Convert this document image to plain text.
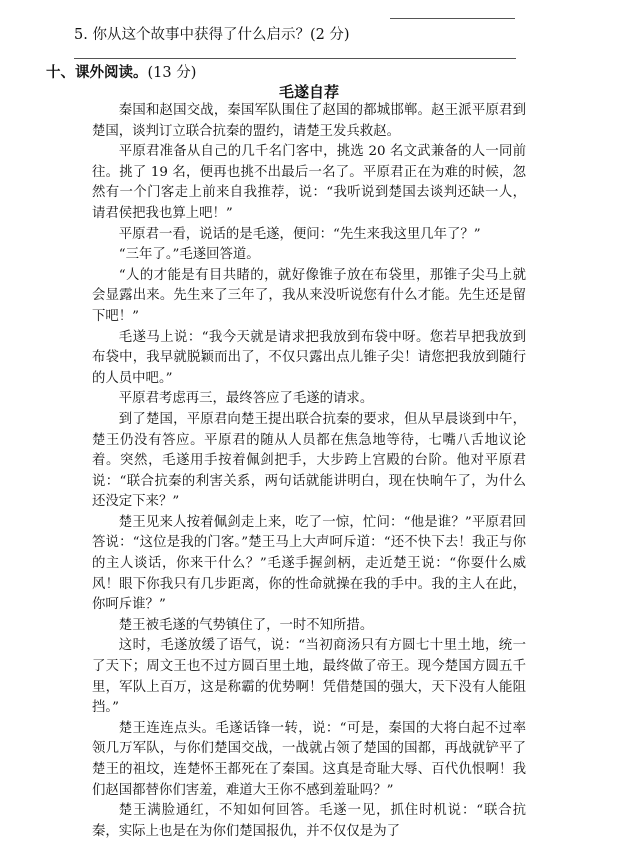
5. 你从这个故事中获得了什么启示？(2 分)
十、课外阅读。(13 分)
毛遂自荐

秦国和赵国交战，秦国军队围住了赵国的都城邯郸。赵王派平原君到楚国，谈判订立联合抗秦的盟约，请楚王发兵救赵。

平原君准备从自己的几千名门客中，挑选 20 名文武兼备的人一同前往。挑了 19 名，便再也挑不出最后一名了。平原君正在为难的时候，忽然有一个门客走上前来自我推荐，说：“我听说到楚国去谈判还缺一人，请君侯把我也算上吧！”

平原君一看，说话的是毛遂，便问：“先生来我这里几年了？”

“三年了。”毛遂回答道。

“人的才能是有目共睹的，就好像锥子放在布袋里，那锥子尖马上就会显露出来。先生来了三年了，我从来没听说您有什么才能。先生还是留下吧！”

毛遂马上说：“我今天就是请求把我放到布袋中呀。您若早把我放到布袋中，我早就脱颖而出了，不仅只露出点儿锥子尖！请您把我放到随行的人员中吧。”

平原君考虑再三，最终答应了毛遂的请求。

到了楚国，平原君向楚王提出联合抗秦的要求，但从早晨谈到中午，楚王仍没有答应。平原君的随从人员都在焦急地等待，七嘴八舌地议论着。突然，毛遂用手按着佩剑把手，大步跨上宫殿的台阶。他对平原君说：“联合抗秦的利害关系，两句话就能讲明白，现在快晌午了，为什么还没定下来？”

楚王见来人按着佩剑走上来，吃了一惊，忙问：“他是谁？”平原君回答说：“这位是我的门客。”楚王马上大声呵斥道：“还不快下去！我正与你的主人谈话，你来干什么？”毛遂手握剑柄，走近楚王说：“你耍什么威风！眼下你我只有几步距离，你的性命就操在我的手中。我的主人在此，你呵斥谁？”

楚王被毛遂的气势镇住了，一时不知所措。

这时，毛遂放缓了语气，说：“当初商汤只有方圆七十里土地，统一了天下；周文王也不过方圆百里土地，最终做了帝王。现今楚国方圆五千里，军队上百万，这是称霸的优势啊！凭借楚国的强大，天下没有人能阻挡。”

楚王连连点头。毛遂话锋一转，说：“可是，秦国的大将白起不过率领几万军队，与你们楚国交战，一战就占领了楚国的国都，再战就铲平了楚王的祖坟，连楚怀王都死在了秦国。这真是奇耻大辱、百代仇恨啊！我们赵国都替你们害羞，难道大王你不感到羞耻吗？”

楚王满脸通红，不知如何回答。毛遂一见，抓住时机说：“联合抗秦，实际上也是在为你们楚国报仇，并不仅仅是为了
